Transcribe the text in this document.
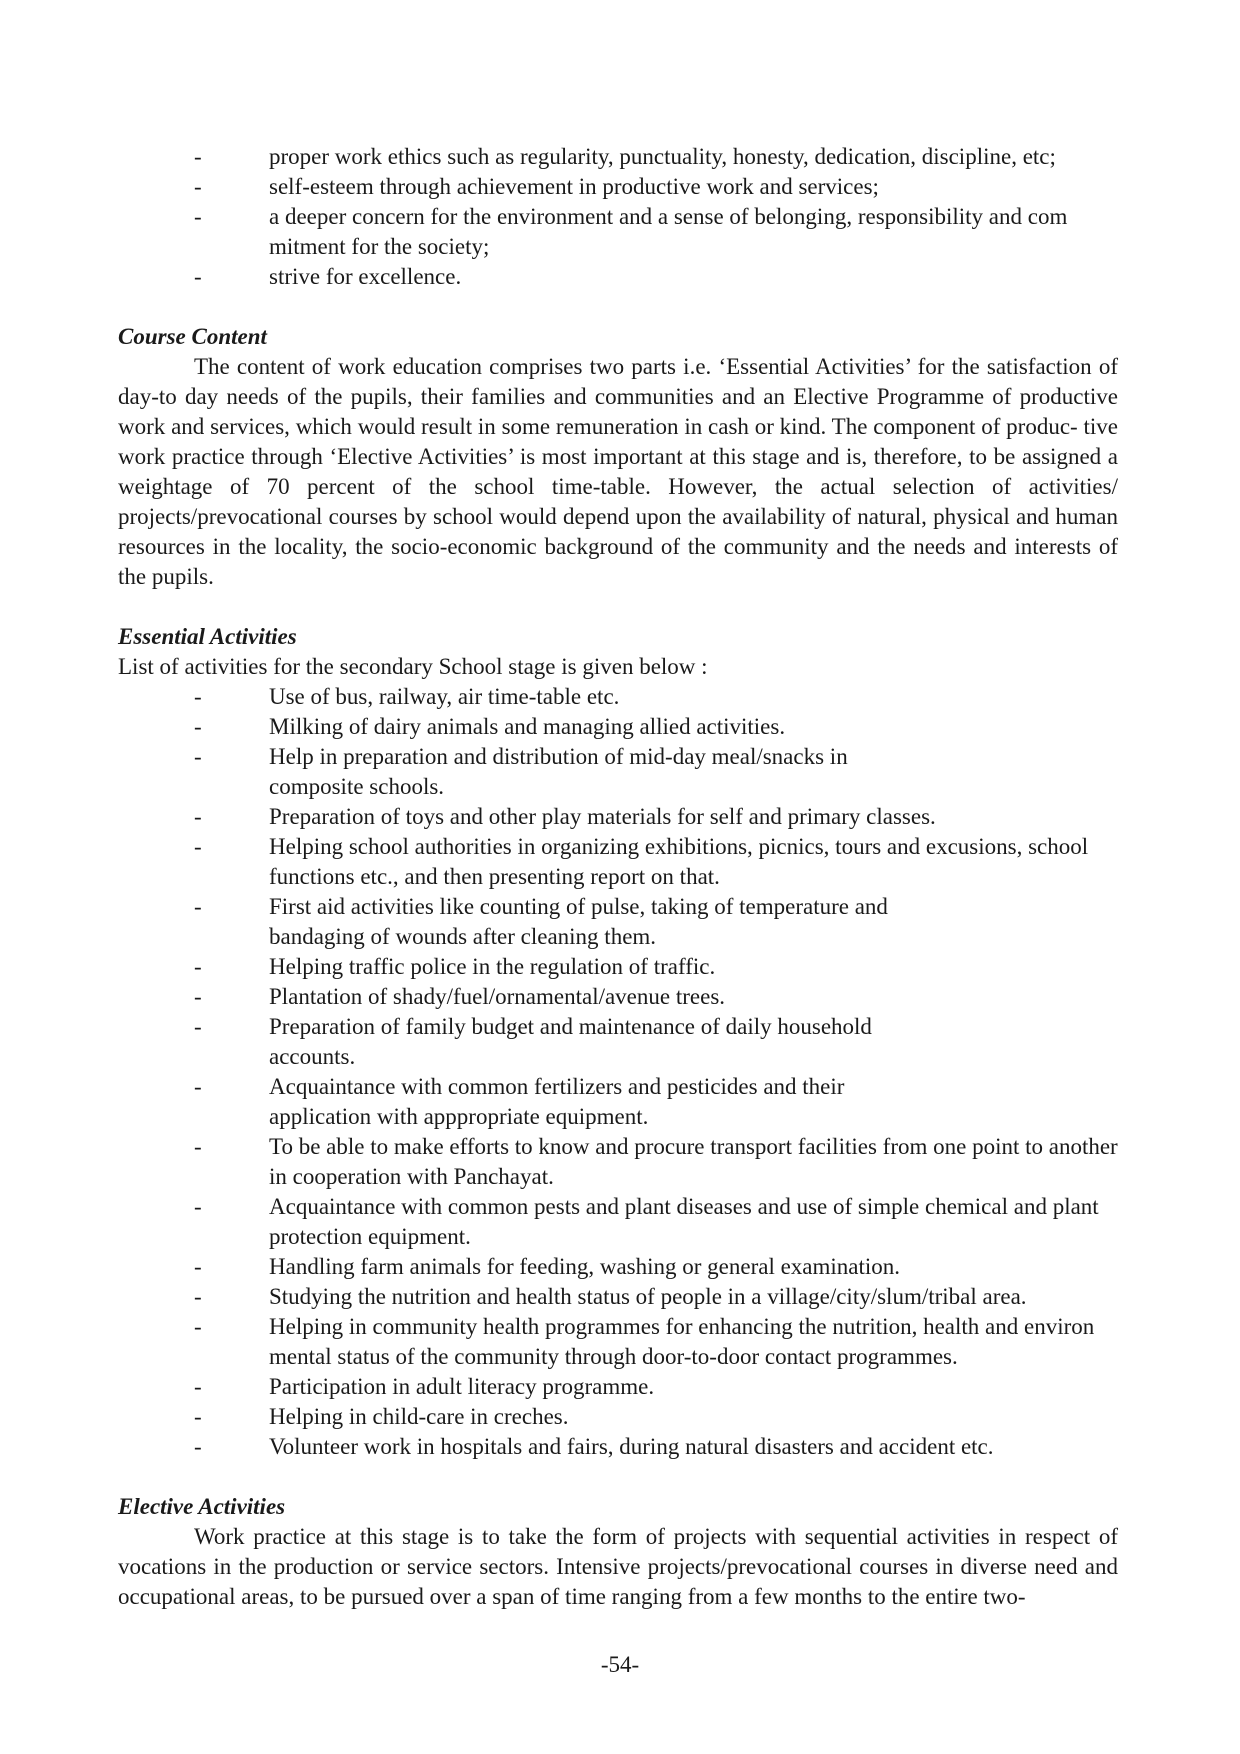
-	proper work ethics such as regularity, punctuality, honesty, dedication, discipline, etc;
-	self-esteem through achievement in productive work and services;
-	a deeper concern for the environment and a sense of belonging, responsibility and com mitment for the society;
-	strive for excellence.

Course Content

The content of work education comprises two parts i.e. ‘Essential Activities’ for the satisfaction of day-to day needs of the pupils, their families and communities and an Elective Programme of productive work and services, which would result in some remuneration in cash or kind. The component of produc- tive work practice through ‘Elective Activities’ is most important at this stage and is, therefore, to be assigned a weightage of 70 percent of the school time-table. However, the actual selection of activities/ projects/prevocational courses by school would depend upon the availability of natural, physical and human resources in the locality, the socio-economic background of the community and the needs and interests of the pupils.

Essential Activities

List of activities for the secondary School stage is given below :

-	Use of bus, railway, air time-table etc.
-	Milking of dairy animals and managing allied activities.
-	Help in preparation and distribution of mid-day meal/snacks in
composite schools.
-	Preparation of toys and other play materials for self and primary classes.
-	Helping school authorities in organizing exhibitions, picnics, tours and excusions, school functions etc., and then presenting report on that.
-	First aid activities like counting of pulse, taking of temperature and
bandaging of wounds after cleaning them.
-	Helping traffic police in the regulation of traffic.
-	Plantation of shady/fuel/ornamental/avenue trees.
-	Preparation of family budget and maintenance of daily household
accounts.
-	Acquaintance with common fertilizers and pesticides and their
application with apppropriate equipment.
-	To be able to make efforts to know and procure transport facilities from one point to another in cooperation with Panchayat.
-	Acquaintance with common pests and plant diseases and use of simple chemical and plant protection equipment.
-	Handling farm animals for feeding, washing or general examination.
-	Studying the nutrition and health status of people in a village/city/slum/tribal area.
-	Helping in community health programmes for enhancing the nutrition, health and environ mental status of the community through door-to-door contact programmes.
-	Participation in adult literacy programme.
-	Helping in child-care in creches.
-	Volunteer work in hospitals and fairs, during natural disasters and accident etc.

Elective Activities

Work practice at this stage is to take the form of projects with sequential activities in respect of vocations in the production or service sectors. Intensive projects/prevocational courses in diverse need and occupational areas, to be pursued over a span of time ranging from a few months to the entire two-

-54-
